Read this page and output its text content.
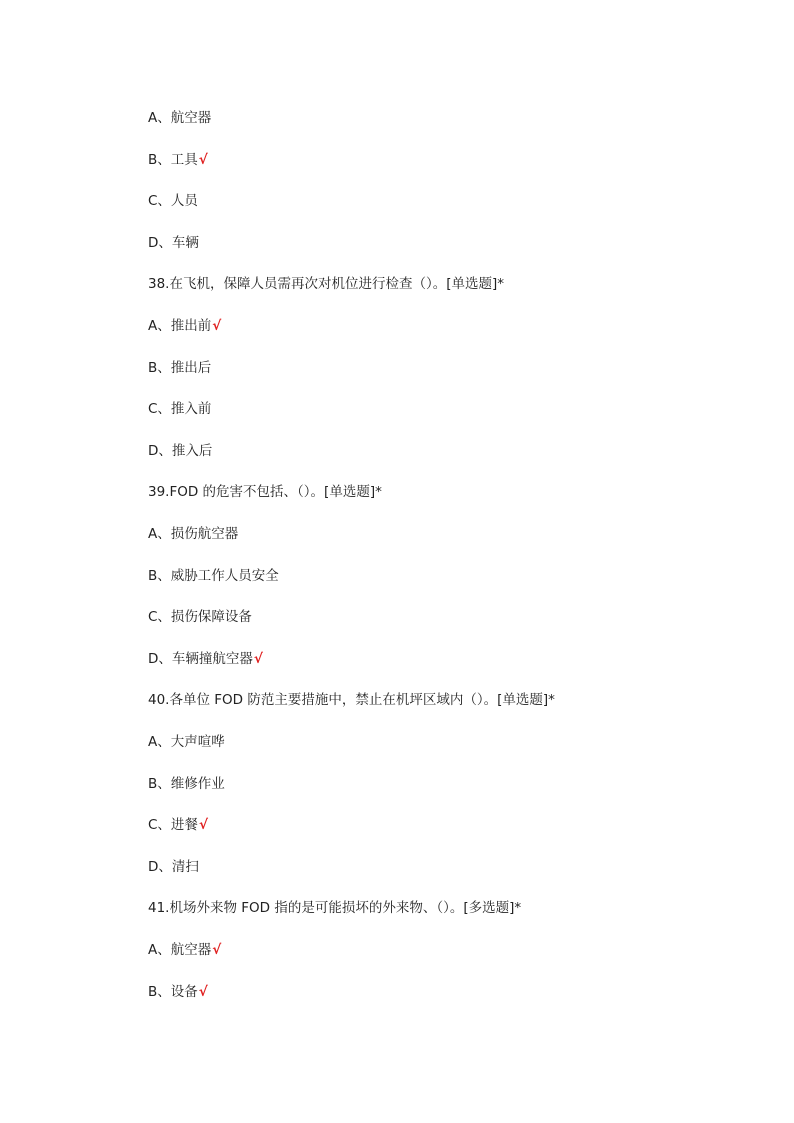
A、航空器
B、工具√
C、人员
D、车辆
38.在飞机，保障人员需再次对机位进行检查（）。[单选题]*
A、推出前√
B、推出后
C、推入前
D、推入后
39.FOD 的危害不包括、（）。[单选题]*
A、损伤航空器
B、威胁工作人员安全
C、损伤保障设备
D、车辆撞航空器√
40.各单位 FOD 防范主要措施中，禁止在机坪区域内（）。[单选题]*
A、大声喧哗
B、维修作业
C、进餐√
D、清扫
41.机场外来物 FOD 指的是可能损坏的外来物、（）。[多选题]*
A、航空器√
B、设备√
